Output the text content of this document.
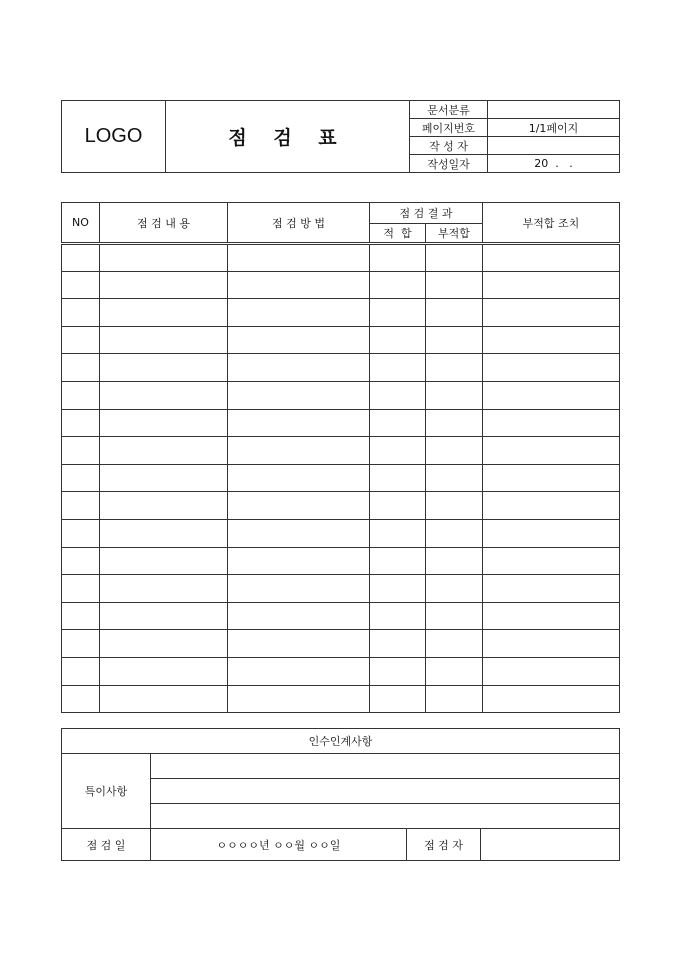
LOGO	점 검 표	문서분류	
		페이지번호	1/1페이지
		작 성 자	
		작성일자	20  .   .
NO	점 검 내 용	점 검 방 법	점 검 결 과		부적합 조치
			적  합	부적합	

인수인계사항			
특이사항			

점 검 일	ㅇㅇㅇㅇ년 ㅇㅇ월 ㅇㅇ일	점 검 자	
